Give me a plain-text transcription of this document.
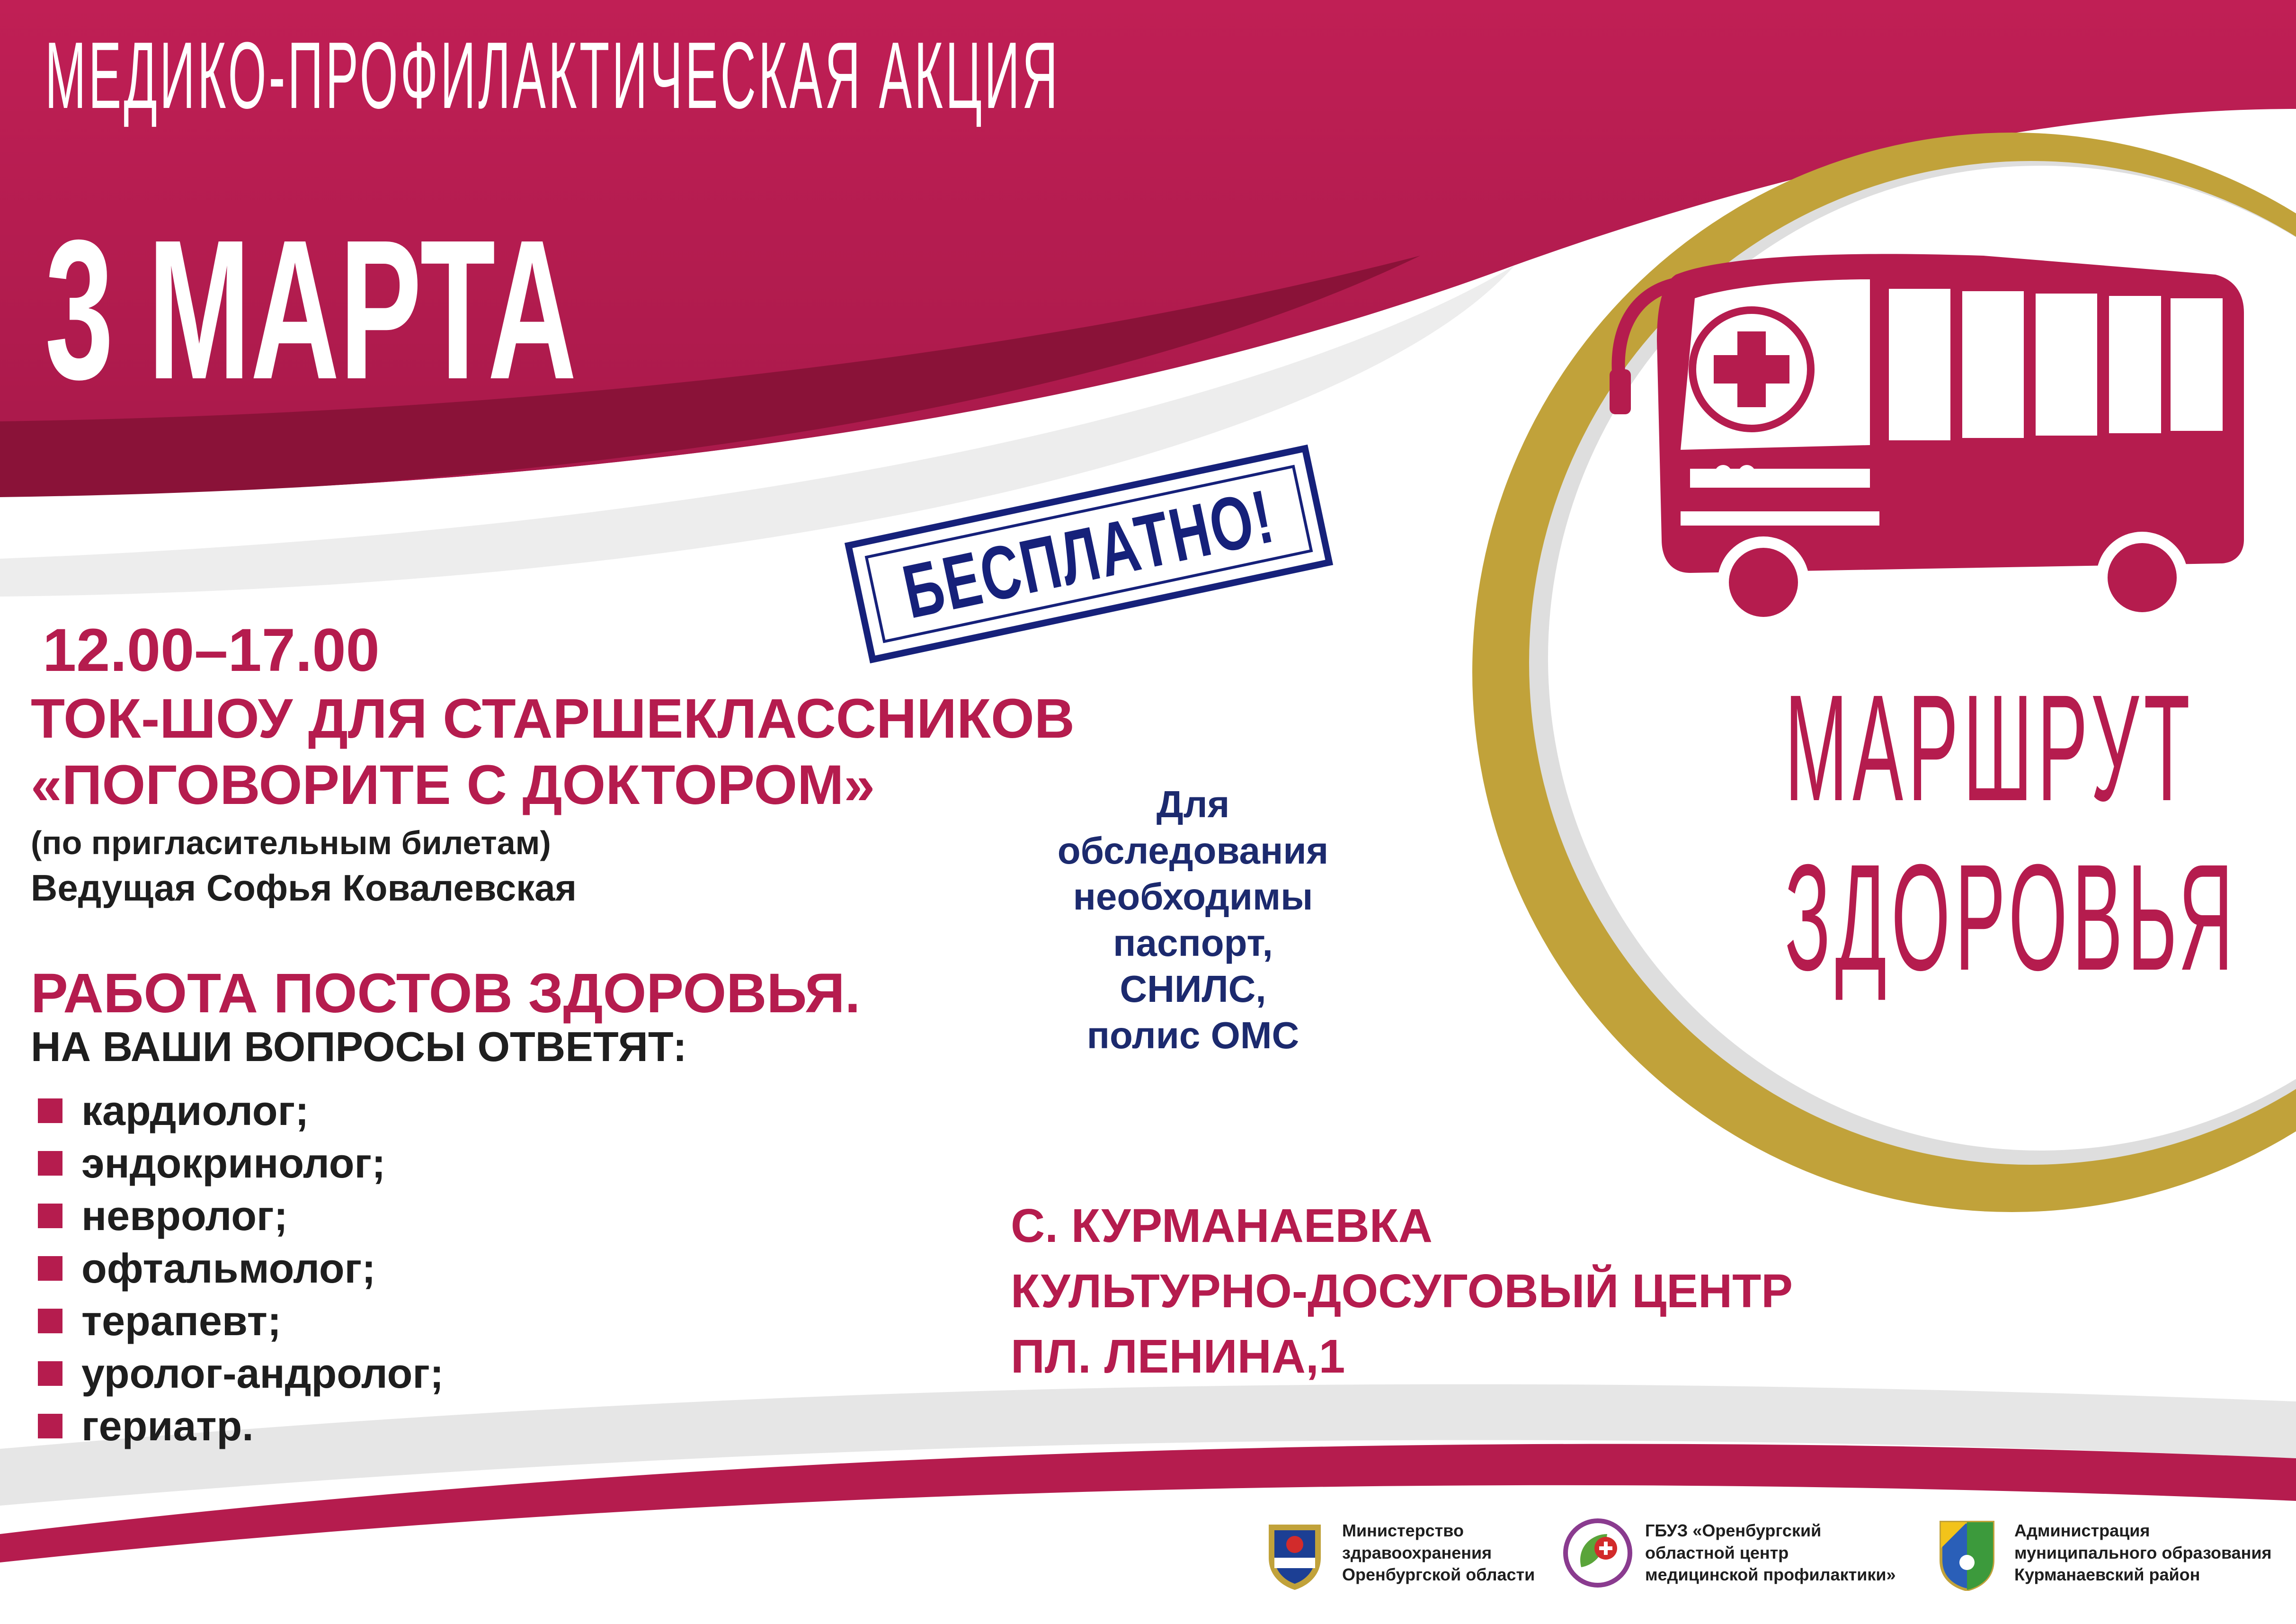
МЕДИКО-ПРОФИЛАКТИЧЕСКАЯ АКЦИЯ
3 МАРТА
БЕСПЛАТНО!
МАРШРУТ
ЗДОРОВЬЯ
12.00–17.00
ТОК-ШОУ ДЛЯ СТАРШЕКЛАССНИКОВ
«ПОГОВОРИТЕ С ДОКТОРОМ»
(по пригласительным билетам)
Ведущая Софья Ковалевская
РАБОТА ПОСТОВ ЗДОРОВЬЯ.
НА ВАШИ ВОПРОСЫ ОТВЕТЯТ:
кардиолог;
эндокринолог;
невролог;
офтальмолог;
терапевт;
уролог-андролог;
гериатр.
Для
обследования
необходимы
паспорт,
СНИЛС,
полис ОМС
С. КУРМАНАЕВКА
КУЛЬТУРНО-ДОСУГОВЫЙ ЦЕНТР
ПЛ. ЛЕНИНА,1
Министерство
здравоохранения
Оренбургской области
ГБУЗ «Оренбургский
областной центр
медицинской профилактики»
Администрация
муниципального образования
Курманаевский район
